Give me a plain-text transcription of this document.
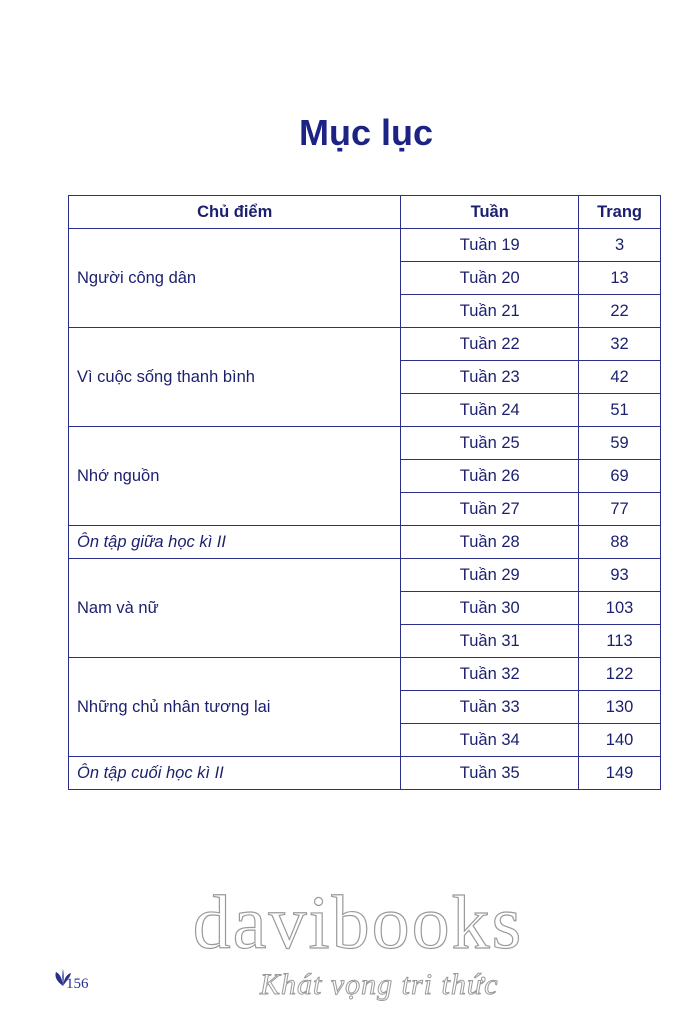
Mục lục
Chủ điểm	Tuần	Trang
Người công dân	Tuần 19	3
	Tuần 20	13
	Tuần 21	22
Vì cuộc sống thanh bình	Tuần 22	32
	Tuần 23	42
	Tuần 24	51
Nhớ nguồn	Tuần 25	59
	Tuần 26	69
	Tuần 27	77
Ôn tập giữa học kì II	Tuần 28	88
Nam và nữ	Tuần 29	93
	Tuần 30	103
	Tuần 31	113
Những chủ nhân tương lai	Tuần 32	122
	Tuần 33	130
	Tuần 34	140
Ôn tập cuối học kì II	Tuần 35	149
156
davibooks
Khát vọng tri thức
